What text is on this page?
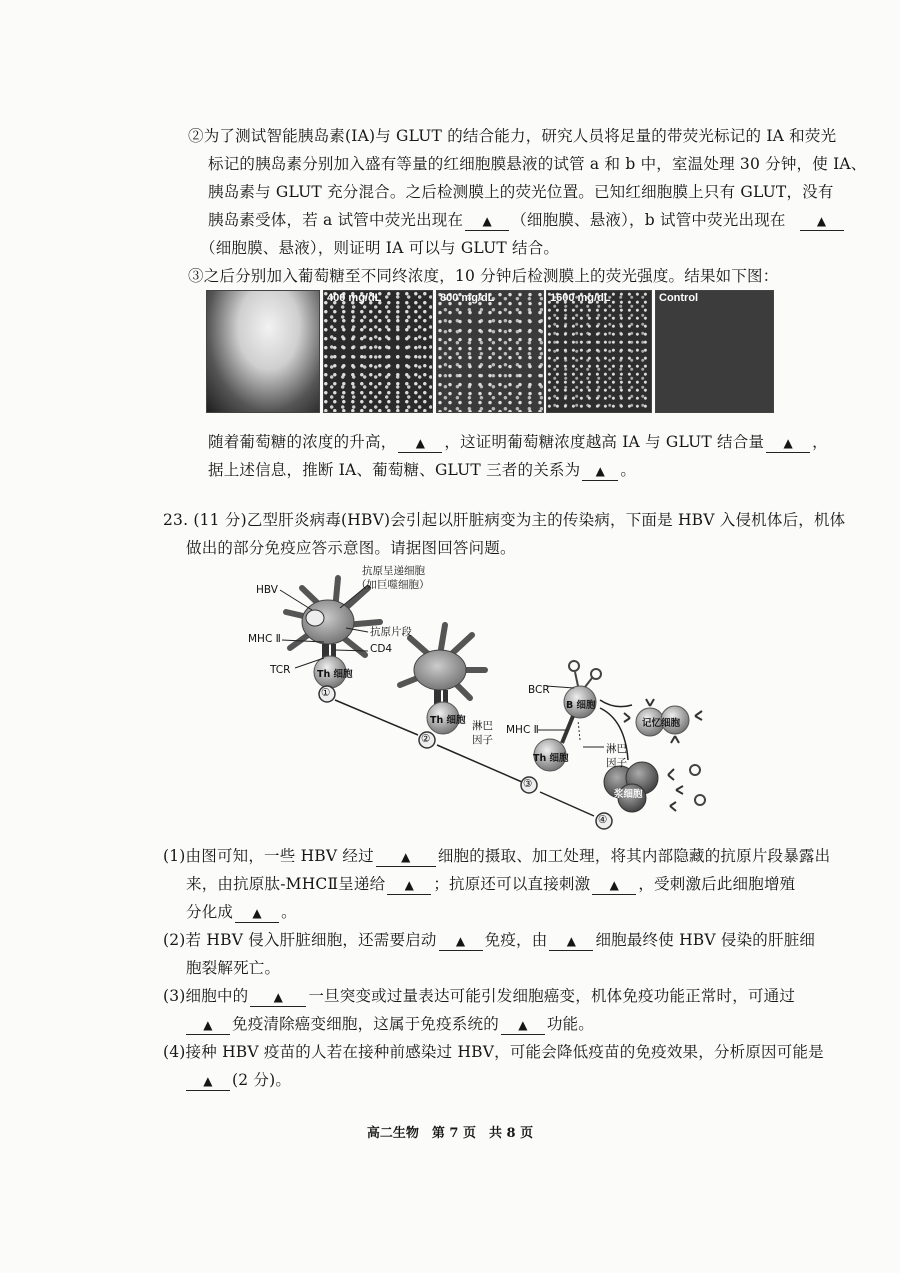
②为了测试智能胰岛素(IA)与 GLUT 的结合能力，研究人员将足量的带荧光标记的 IA 和荧光
标记的胰岛素分别加入盛有等量的红细胞膜悬液的试管 a 和 b 中，室温处理 30 分钟，使 IA、
胰岛素与 GLUT 充分混合。之后检测膜上的荧光位置。已知红细胞膜上只有 GLUT，没有
胰岛素受体，若 a 试管中荧光出现在 ▲ （细胞膜、悬液），b 试管中荧光出现在	▲
（细胞膜、悬液），则证明 IA 可以与 GLUT 结合。
③之后分别加入葡萄糖至不同终浓度，10 分钟后检测膜上的荧光强度。结果如下图：
400 mg/dL	800 mg/dL	1600 mg/dL	Control
随着葡萄糖的浓度的升高， ▲ ，这证明葡萄糖浓度越高 IA 与 GLUT 结合量 ▲ ，
据上述信息，推断 IA、葡萄糖、GLUT 三者的关系为 ▲ 。
23. (11 分)乙型肝炎病毒(HBV)会引起以肝脏病变为主的传染病，下面是 HBV 入侵机体后，机体
做出的部分免疫应答示意图。请据图回答问题。
抗原呈递细胞
（如巨噬细胞）
HBV
抗原片段
MHC Ⅱ
CD4
TCR	Th 细胞
Th 细胞 淋巴
因子
BCR
B 细胞
MHC Ⅱ
Th 细胞
淋巴
因子
记忆细胞
浆细胞
①
②
③
④
(1)由图可知，一些 HBV 经过 ▲ 细胞的摄取、加工处理，将其内部隐藏的抗原片段暴露出
来，由抗原肽-MHCⅡ呈递给 ▲ ；抗原还可以直接刺激 ▲ ，受刺激后此细胞增殖
分化成 ▲ 。
(2)若 HBV 侵入肝脏细胞，还需要启动 ▲ 免疫，由 ▲ 细胞最终使 HBV 侵染的肝脏细
胞裂解死亡。
(3)细胞中的 ▲ 一旦突变或过量表达可能引发细胞癌变，机体免疫功能正常时，可通过
▲ 免疫清除癌变细胞，这属于免疫系统的 ▲ 功能。
(4)接种 HBV 疫苗的人若在接种前感染过 HBV，可能会降低疫苗的免疫效果，分析原因可能是
▲ (2 分)。
高二生物　第 7 页　共 8 页
